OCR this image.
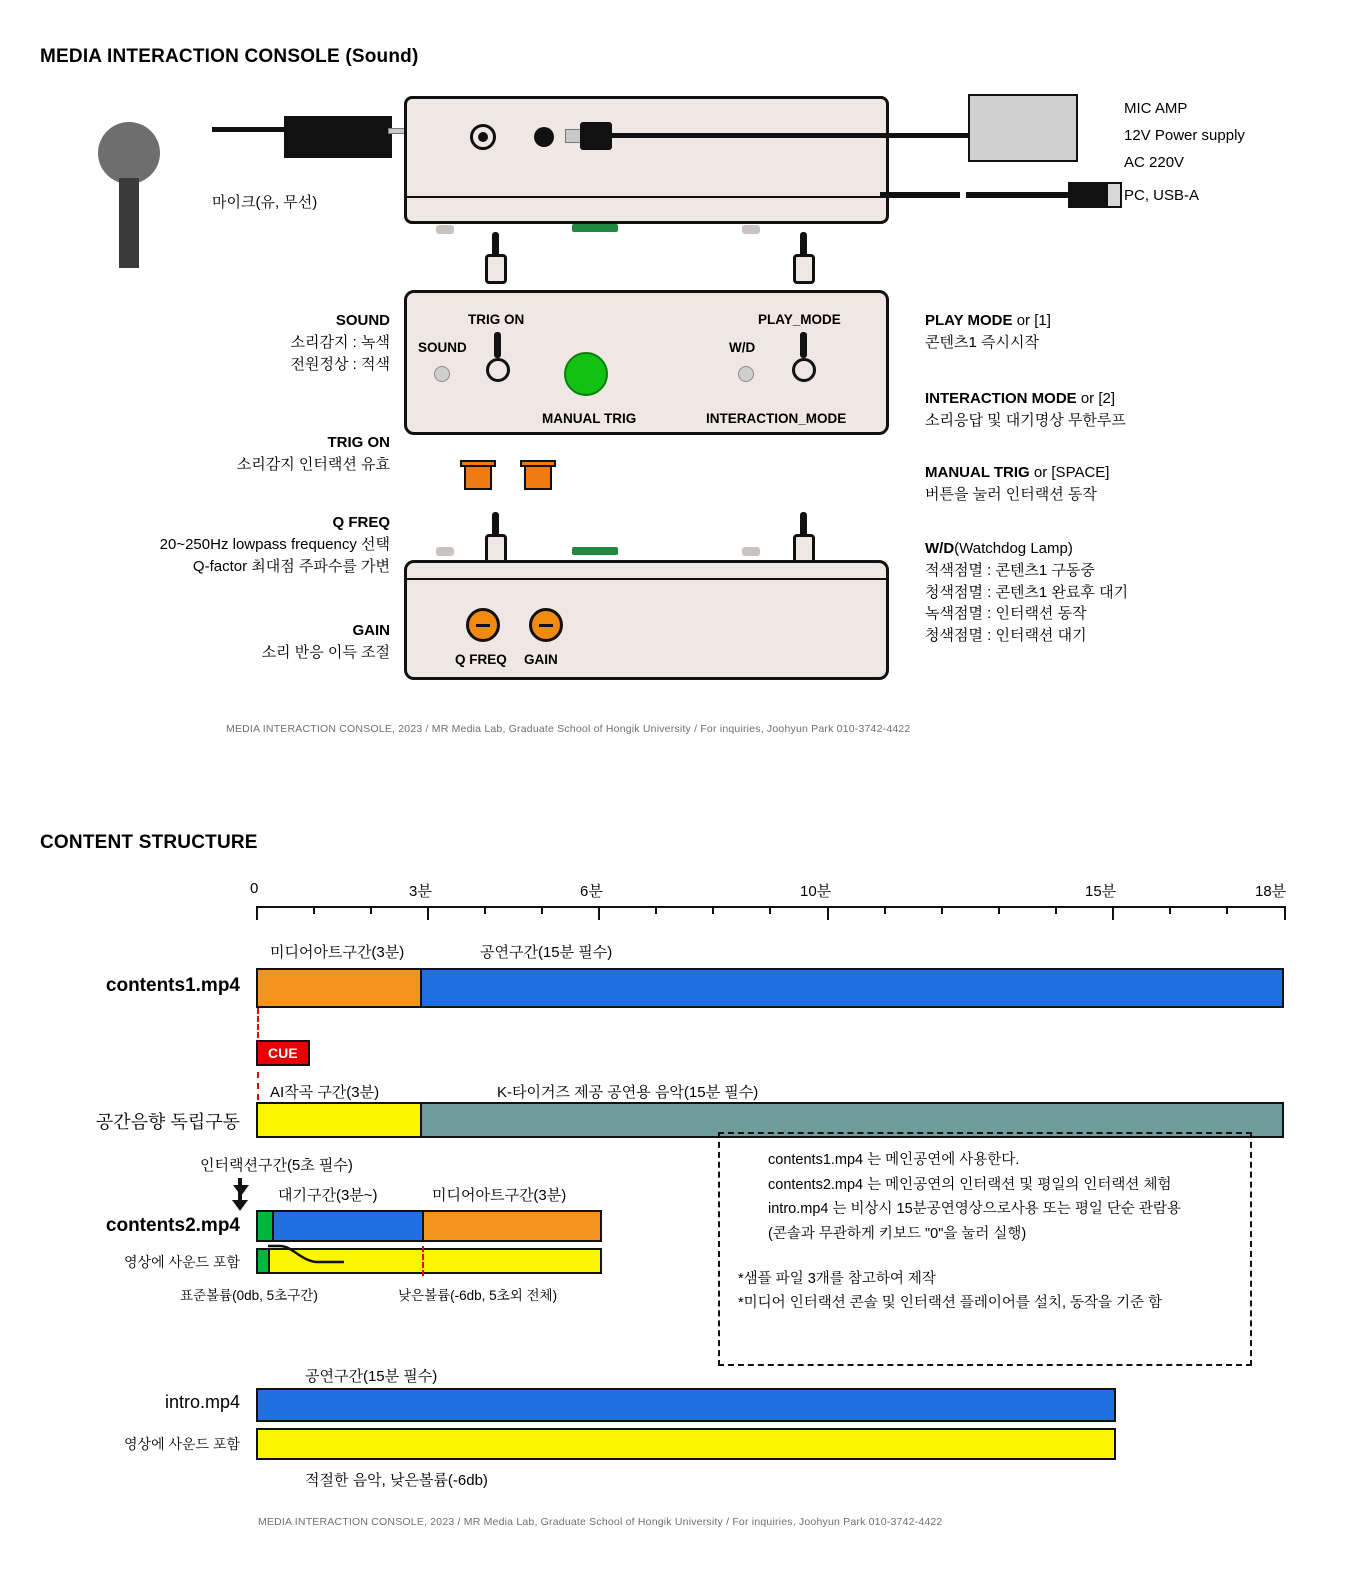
MEDIA INTERACTION CONSOLE (Sound)
마이크(유, 무선)
MIC AMP
12V Power supply
AC 220V
PC, USB-A
SOUND
TRIG ON
MANUAL TRIG
W/D
PLAY_MODE
INTERACTION_MODE
Q FREQ GAIN
SOUND
소리감지 : 녹색
전원정상 : 적색
TRIG ON
소리감지 인터랙션 유효
Q FREQ
20~250Hz lowpass frequency 선택
Q-factor 최대점 주파수를 가변
GAIN
소리 반응 이득 조절
PLAY MODE or [1]
콘텐츠1 즉시시작
INTERACTION MODE or [2]
소리응답 및 대기명상 무한루프
MANUAL TRIG or [SPACE]
버튼을 눌러 인터랙션 동작
W/D(Watchdog Lamp)
적색점멸 : 콘텐츠1 구동중
청색점멸 : 콘텐츠1 완료후 대기
녹색점멸 : 인터랙션 동작
청색점멸 : 인터랙션 대기
MEDIA INTERACTION CONSOLE, 2023 / MR Media Lab, Graduate School of Hongik University / For inquiries, Joohyun Park 010-3742-4422
CONTENT STRUCTURE
0	3분	6분	10분	15분	18분
미디어아트구간(3분)	공연구간(15분 필수)
contents1.mp4
CUE
AI작곡 구간(3분)	K-타이거즈 제공 공연용 음악(15분 필수)
공간음향 독립구동
인터랙션구간(5초 필수)
대기구간(3분~)	미디어아트구간(3분)
contents2.mp4
영상에 사운드 포함
표준볼륨(0db, 5초구간)	낮은볼륨(-6db, 5초외 전체)
contents1.mp4 는 메인공연에 사용한다.
contents2.mp4 는 메인공연의 인터랙션 및 평일의 인터랙션 체험
intro.mp4 는 비상시 15분공연영상으로사용 또는 평일 단순 관람용
(콘솔과 무관하게 키보드 "0"을 눌러 실행)
*샘플 파일 3개를 참고하여 제작
*미디어 인터랙션 콘솔 및 인터랙션 플레이어를 설치, 동작을 기준 함
공연구간(15분 필수)
intro.mp4
영상에 사운드 포함
적절한 음악, 낮은볼륨(-6db)
MEDIA INTERACTION CONSOLE, 2023 / MR Media Lab, Graduate School of Hongik University / For inquiries, Joohyun Park 010-3742-4422
